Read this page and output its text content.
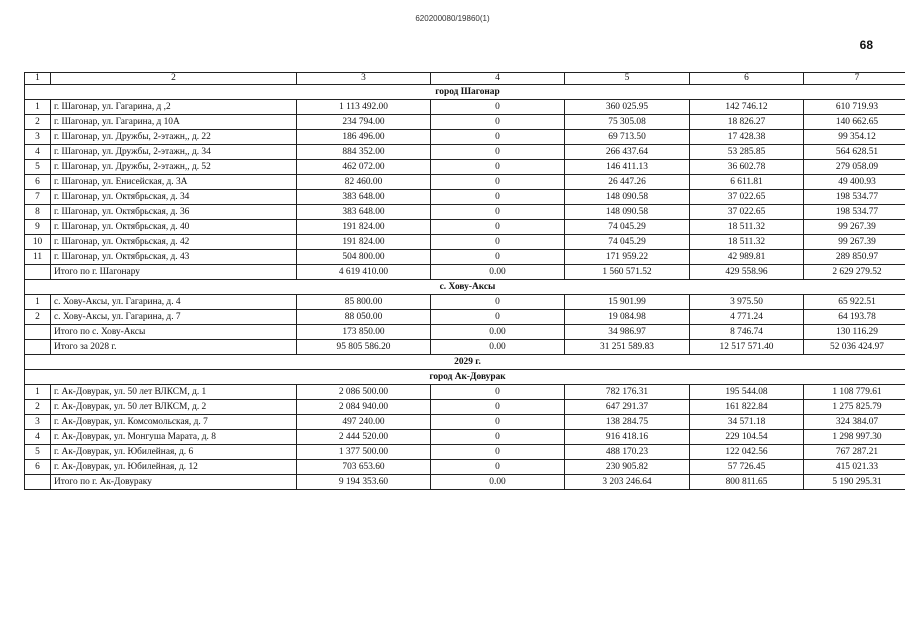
620200080/19860(1)
68
1	2	3	4	5	6	7
город Шагонар						
1	г. Шагонар, ул. Гагарина, д ,2	1 113 492.00	0	360 025.95	142 746.12	610 719.93
2	г. Шагонар, ул. Гагарина, д 10А	234 794.00	0	75 305.08	18 826.27	140 662.65
3	г. Шагонар, ул. Дружбы, 2-этажн,, д. 22	186 496.00	0	69 713.50	17 428.38	99 354.12
4	г. Шагонар, ул. Дружбы, 2-этажн,, д. 34	884 352.00	0	266 437.64	53 285.85	564 628.51
5	г. Шагонар, ул. Дружбы, 2-этажн,, д. 52	462 072.00	0	146 411.13	36 602.78	279 058.09
6	г. Шагонар, ул. Енисейская, д. 3А	82 460.00	0	26 447.26	6 611.81	49 400.93
7	г. Шагонар, ул. Октябрьская, д. 34	383 648.00	0	148 090.58	37 022.65	198 534.77
8	г. Шагонар, ул. Октябрьская, д. 36	383 648.00	0	148 090.58	37 022.65	198 534.77
9	г. Шагонар, ул. Октябрьская, д. 40	191 824.00	0	74 045.29	18 511.32	99 267.39
10	г. Шагонар, ул. Октябрьская, д. 42	191 824.00	0	74 045.29	18 511.32	99 267.39
11	г. Шагонар, ул. Октябрьская, д. 43	504 800.00	0	171 959.22	42 989.81	289 850.97
	Итого по г. Шагонару	4 619 410.00	0.00	1 560 571.52	429 558.96	2 629 279.52
с. Хову-Аксы						
1	с. Хову-Аксы, ул. Гагарина, д. 4	85 800.00	0	15 901.99	3 975.50	65 922.51
2	с. Хову-Аксы, ул. Гагарина, д. 7	88 050.00	0	19 084.98	4 771.24	64 193.78
	Итого по с. Хову-Аксы	173 850.00	0.00	34 986.97	8 746.74	130 116.29
	Итого за 2028 г.	95 805 586.20	0.00	31 251 589.83	12 517 571.40	52 036 424.97
2029 г.						
город Ак-Довурак						
1	г. Ак-Довурак, ул. 50 лет ВЛКСМ, д. 1	2 086 500.00	0	782 176.31	195 544.08	1 108 779.61
2	г. Ак-Довурак, ул. 50 лет ВЛКСМ, д. 2	2 084 940.00	0	647 291.37	161 822.84	1 275 825.79
3	г. Ак-Довурак, ул. Комсомольская, д. 7	497 240.00	0	138 284.75	34 571.18	324 384.07
4	г. Ак-Довурак, ул. Монгуша Марата, д. 8	2 444 520.00	0	916 418.16	229 104.54	1 298 997.30
5	г. Ак-Довурак, ул. Юбилейная, д. 6	1 377 500.00	0	488 170.23	122 042.56	767 287.21
6	г. Ак-Довурак, ул. Юбилейная, д. 12	703 653.60	0	230 905.82	57 726.45	415 021.33
	Итого по г. Ак-Довураку	9 194 353.60	0.00	3 203 246.64	800 811.65	5 190 295.31
